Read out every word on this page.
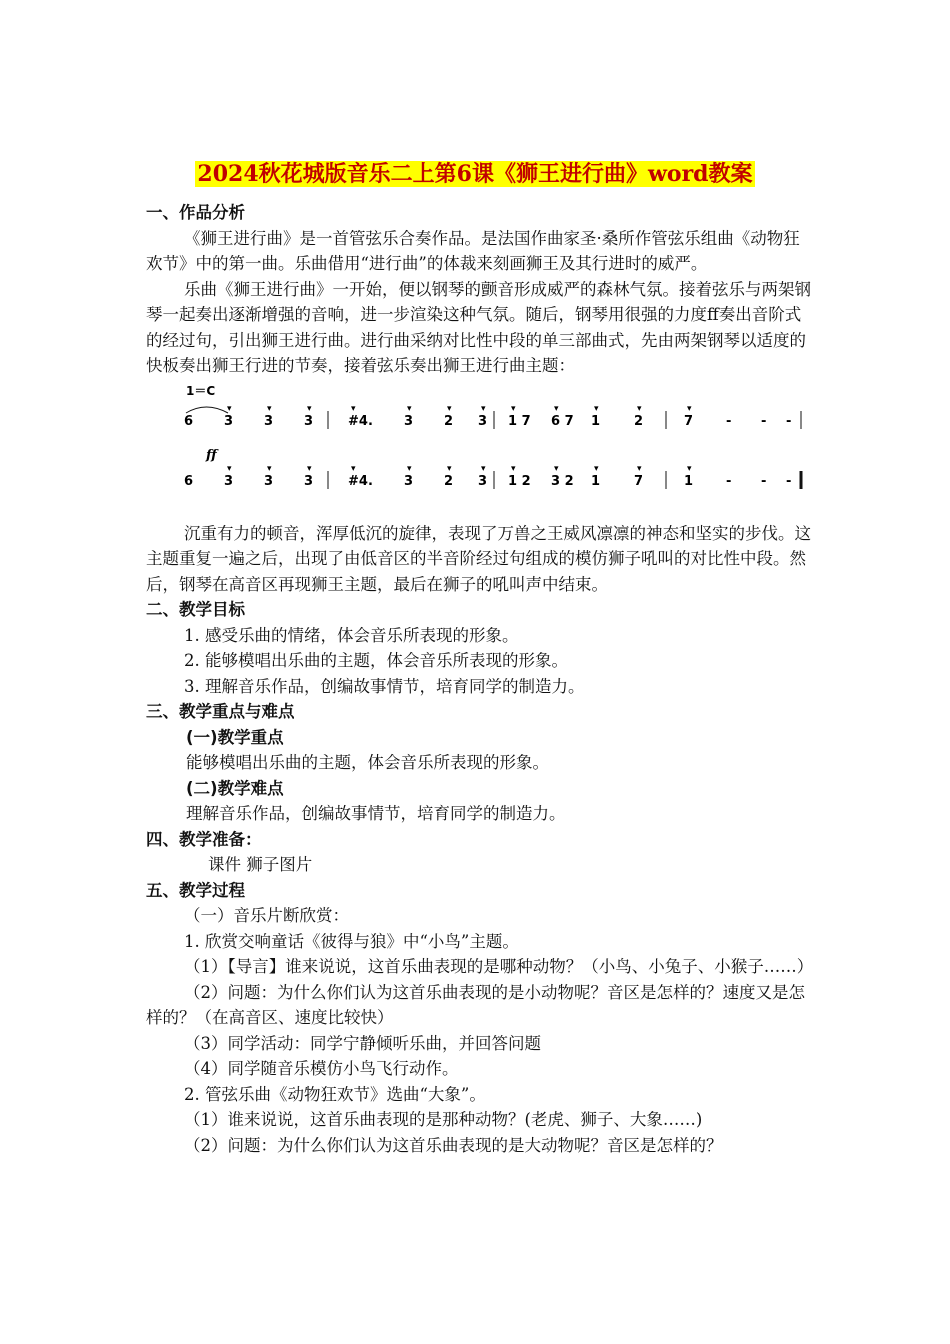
2024秋花城版音乐二上第6课《狮王进行曲》word教案

一、作品分析

《狮王进行曲》是一首管弦乐合奏作品。是法国作曲家圣·桑所作管弦乐组曲《动物狂欢节》中的第一曲。乐曲借用“进行曲”的体裁来刻画狮王及其行进时的威严。

乐曲《狮王进行曲》一开始，便以钢琴的颤音形成威严的森林气氛。接着弦乐与两架钢琴一起奏出逐渐增强的音响，进一步渲染这种气氛。随后，钢琴用很强的力度ff奏出音阶式的经过句，引出狮王进行曲。进行曲采纳对比性中段的单三部曲式，先由两架钢琴以适度的快板奏出狮王行进的节奏，接着弦乐奏出狮王进行曲主题：

1＝C
6 3
▾
3
▾
3
▾
#4.
▾
3
▾
2
▾
3
▾
1 7
▾
6 7
▾
1
▾
2
▾
7
▾
- - -
6 3
▾
3
▾
3
▾
#4.
▾
3
▾
2
▾
3
▾
1 2
▾
3 2
▾
1
▾
7
▾
1
▾
- - -
ff

沉重有力的顿音，浑厚低沉的旋律，表现了万兽之王威风凛凛的神态和坚实的步伐。这主题重复一遍之后，出现了由低音区的半音阶经过句组成的模仿狮子吼叫的对比性中段。然后，钢琴在高音区再现狮王主题，最后在狮子的吼叫声中结束。

二、教学目标

1. 感受乐曲的情绪，体会音乐所表现的形象。

2. 能够模唱出乐曲的主题，体会音乐所表现的形象。

3. 理解音乐作品，创编故事情节，培育同学的制造力。

三、教学重点与难点

(一)教学重点

能够模唱出乐曲的主题，体会音乐所表现的形象。

(二)教学难点

理解音乐作品，创编故事情节，培育同学的制造力。

四、教学准备：

课件 狮子图片

五、教学过程

（一）音乐片断欣赏：

1. 欣赏交响童话《彼得与狼》中“小鸟”主题。

（1）【导言】谁来说说，这首乐曲表现的是哪种动物？（小鸟、小兔子、小猴子……）

（2）问题：为什么你们认为这首乐曲表现的是小动物呢？音区是怎样的？速度又是怎样的？（在高音区、速度比较快）

（3）同学活动：同学宁静倾听乐曲，并回答问题

（4）同学随音乐模仿小鸟飞行动作。

2. 管弦乐曲《动物狂欢节》选曲“大象”。

（1）谁来说说，这首乐曲表现的是那种动物？(老虎、狮子、大象……)

（2）问题：为什么你们认为这首乐曲表现的是大动物呢？音区是怎样的？
